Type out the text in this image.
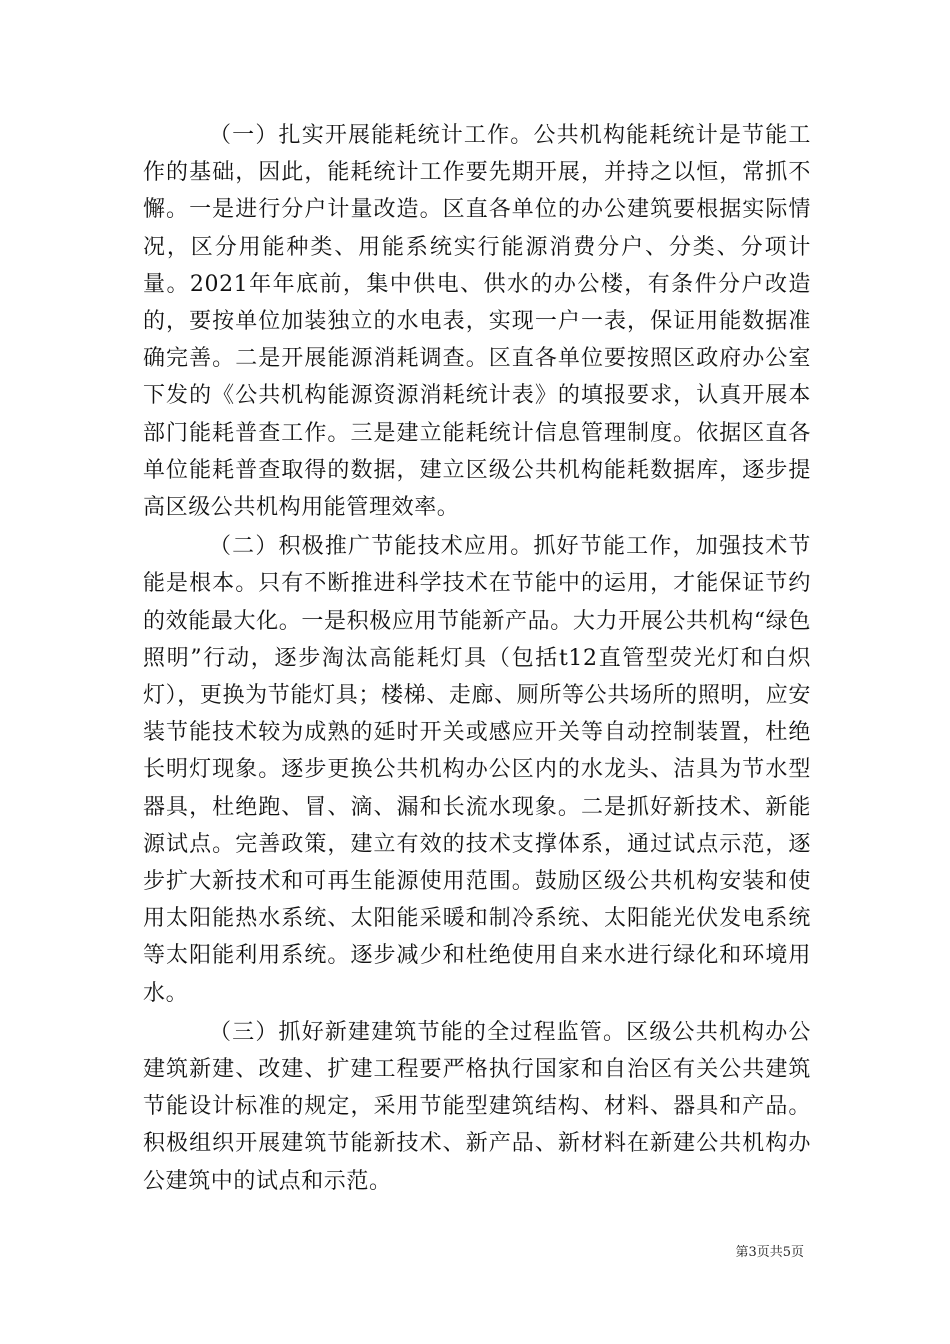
（一）扎实开展能耗统计工作。公共机构能耗统计是节能工作的基础，因此，能耗统计工作要先期开展，并持之以恒，常抓不懈。一是进行分户计量改造。区直各单位的办公建筑要根据实际情况，区分用能种类、用能系统实行能源消费分户、分类、分项计量。2021年年底前，集中供电、供水的办公楼，有条件分户改造的，要按单位加装独立的水电表，实现一户一表，保证用能数据准确完善。二是开展能源消耗调查。区直各单位要按照区政府办公室下发的《公共机构能源资源消耗统计表》的填报要求，认真开展本部门能耗普查工作。三是建立能耗统计信息管理制度。依据区直各单位能耗普查取得的数据，建立区级公共机构能耗数据库，逐步提高区级公共机构用能管理效率。

（二）积极推广节能技术应用。抓好节能工作，加强技术节能是根本。只有不断推进科学技术在节能中的运用，才能保证节约的效能最大化。一是积极应用节能新产品。大力开展公共机构“绿色照明”行动，逐步淘汰高能耗灯具（包括t12直管型荧光灯和白炽灯），更换为节能灯具；楼梯、走廊、厕所等公共场所的照明，应安装节能技术较为成熟的延时开关或感应开关等自动控制装置，杜绝长明灯现象。逐步更换公共机构办公区内的水龙头、洁具为节水型器具，杜绝跑、冒、滴、漏和长流水现象。二是抓好新技术、新能源试点。完善政策，建立有效的技术支撑体系，通过试点示范，逐步扩大新技术和可再生能源使用范围。鼓励区级公共机构安装和使用太阳能热水系统、太阳能采暖和制冷系统、太阳能光伏发电系统等太阳能利用系统。逐步减少和杜绝使用自来水进行绿化和环境用水。

（三）抓好新建建筑节能的全过程监管。区级公共机构办公建筑新建、改建、扩建工程要严格执行国家和自治区有关公共建筑节能设计标准的规定，采用节能型建筑结构、材料、器具和产品。积极组织开展建筑节能新技术、新产品、新材料在新建公共机构办公建筑中的试点和示范。

第3页共5页
